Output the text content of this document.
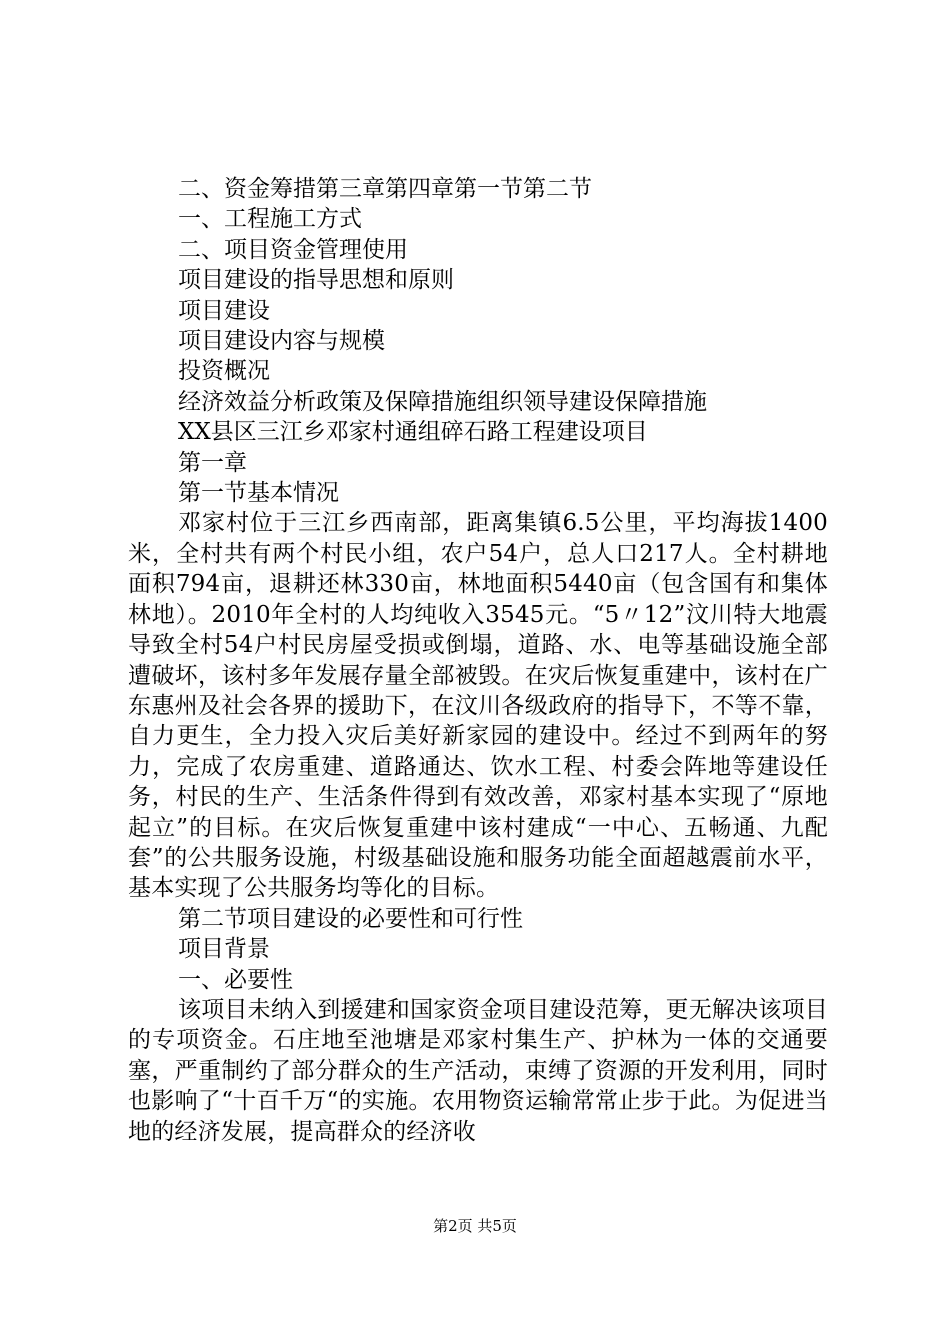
二、资金筹措第三章第四章第一节第二节

一、工程施工方式

二、项目资金管理使用

项目建设的指导思想和原则

项目建设

项目建设内容与规模

投资概况

经济效益分析政策及保障措施组织领导建设保障措施

XX县区三江乡邓家村通组碎石路工程建设项目

第一章

第一节基本情况

邓家村位于三江乡西南部，距离集镇6.5公里，平均海拔1400米，全村共有两个村民小组，农户54户，总人口217人。全村耕地面积794亩，退耕还林330亩，林地面积5440亩（包含国有和集体林地）。2010年全村的人均纯收入3545元。“5〃12”汶川特大地震导致全村54户村民房屋受损或倒塌，道路、水、电等基础设施全部遭破坏，该村多年发展存量全部被毁。在灾后恢复重建中，该村在广东惠州及社会各界的援助下，在汶川各级政府的指导下，不等不靠，自力更生，全力投入灾后美好新家园的建设中。经过不到两年的努力，完成了农房重建、道路通达、饮水工程、村委会阵地等建设任务，村民的生产、生活条件得到有效改善，邓家村基本实现了“原地起立”的目标。在灾后恢复重建中该村建成“一中心、五畅通、九配套”的公共服务设施，村级基础设施和服务功能全面超越震前水平，基本实现了公共服务均等化的目标。

第二节项目建设的必要性和可行性

项目背景

一、必要性

该项目未纳入到援建和国家资金项目建设范筹，更无解决该项目的专项资金。石庄地至池塘是邓家村集生产、护林为一体的交通要塞，严重制约了部分群众的生产活动，束缚了资源的开发利用，同时也影响了“十百千万“的实施。农用物资运输常常止步于此。为促进当地的经济发展，提高群众的经济收

第2页 共5页
